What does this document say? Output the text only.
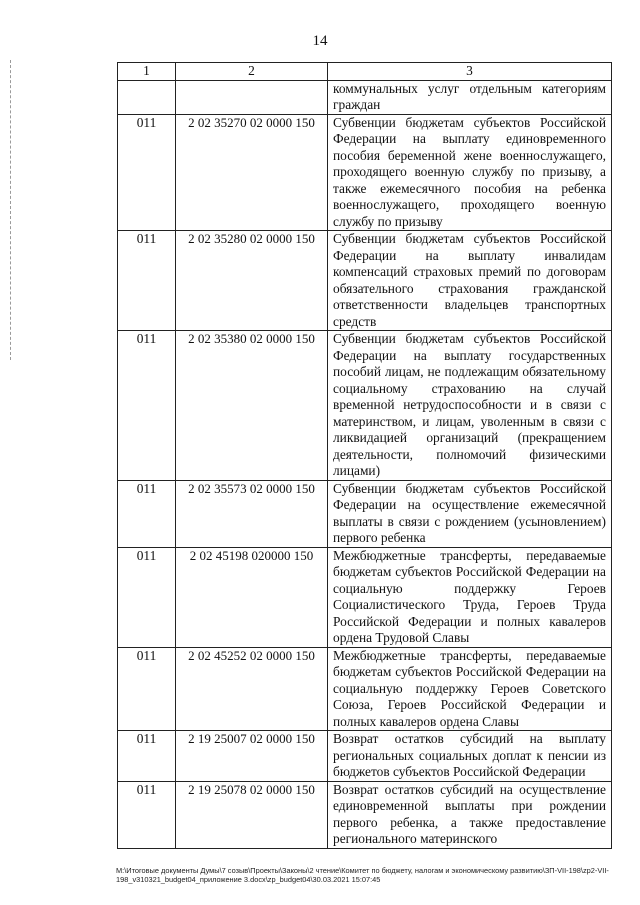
14
1	2	3
		коммунальных услуг отдельным категориям граждан
011	2 02 35270 02 0000 150	Субвенции бюджетам субъектов Российской Федерации на выплату единовременного пособия беременной жене военнослужащего, проходящего военную службу по призыву, а также ежемесячного пособия на ребенка военнослужащего, проходящего военную службу по призыву
011	2 02 35280 02 0000 150	Субвенции бюджетам субъектов Российской Федерации на выплату инвалидам компенсаций страховых премий по договорам обязательного страхования гражданской ответственности владельцев транспортных средств
011	2 02 35380 02 0000 150	Субвенции бюджетам субъектов Российской Федерации на выплату государственных пособий лицам, не подлежащим обязательному социальному страхованию на случай временной нетрудоспособности и в связи с материнством, и лицам, уволенным в связи с ликвидацией организаций (прекращением деятельности, полномочий физическими лицами)
011	2 02 35573 02 0000 150	Субвенции бюджетам субъектов Российской Федерации на осуществление ежемесячной выплаты в связи с рождением (усыновлением) первого ребенка
011	2 02 45198 020000 150	Межбюджетные трансферты, передаваемые бюджетам субъектов Российской Федерации на социальную поддержку Героев Социалистического Труда, Героев Труда Российской Федерации и полных кавалеров ордена Трудовой Славы
011	2 02 45252 02 0000 150	Межбюджетные трансферты, передаваемые бюджетам субъектов Российской Федерации на социальную поддержку Героев Советского Союза, Героев Российской Федерации и полных кавалеров ордена Славы
011	2 19 25007 02 0000 150	Возврат остатков субсидий на выплату региональных социальных доплат к пенсии из бюджетов субъектов Российской Федерации
011	2 19 25078 02 0000 150	Возврат остатков субсидий на осуществление единовременной выплаты при рождении первого ребенка, а также предоставление регионального материнского
M:\Итоговые документы Думы\7 созыв\Проекты\Законы\2 чтение\Комитет по бюджету, налогам и экономическому развитию\ЗП-VII-198\zp2-VII-198_v310321_budget04_приложение 3.docx\zp_budget04\30.03.2021 15:07:45
